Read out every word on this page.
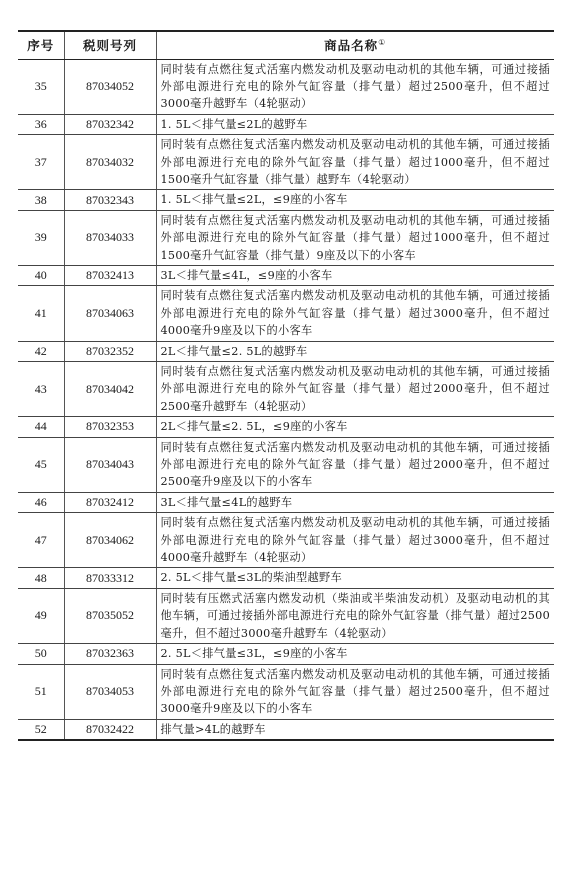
序号	税则号列	商品名称①
35	87034052	同时装有点燃往复式活塞内燃发动机及驱动电动机的其他车辆，可通过接插外部电源进行充电的除外气缸容量（排气量）超过2500毫升，但不超过3000毫升越野车（4轮驱动）
36	87032342	1. 5L＜排气量≤2L的越野车
37	87034032	同时装有点燃往复式活塞内燃发动机及驱动电动机的其他车辆，可通过接插外部电源进行充电的除外气缸容量（排气量）超过1000毫升，但不超过1500毫升气缸容量（排气量）越野车（4轮驱动）
38	87032343	1. 5L＜排气量≤2L，≤9座的小客车
39	87034033	同时装有点燃往复式活塞内燃发动机及驱动电动机的其他车辆，可通过接插外部电源进行充电的除外气缸容量（排气量）超过1000毫升，但不超过1500毫升气缸容量（排气量）9座及以下的小客车
40	87032413	3L＜排气量≤4L，≤9座的小客车
41	87034063	同时装有点燃往复式活塞内燃发动机及驱动电动机的其他车辆，可通过接插外部电源进行充电的除外气缸容量（排气量）超过3000毫升，但不超过4000毫升9座及以下的小客车
42	87032352	2L＜排气量≤2. 5L的越野车
43	87034042	同时装有点燃往复式活塞内燃发动机及驱动电动机的其他车辆，可通过接插外部电源进行充电的除外气缸容量（排气量）超过2000毫升，但不超过2500毫升越野车（4轮驱动）
44	87032353	2L＜排气量≤2. 5L，≤9座的小客车
45	87034043	同时装有点燃往复式活塞内燃发动机及驱动电动机的其他车辆，可通过接插外部电源进行充电的除外气缸容量（排气量）超过2000毫升，但不超过2500毫升9座及以下的小客车
46	87032412	3L＜排气量≤4L的越野车
47	87034062	同时装有点燃往复式活塞内燃发动机及驱动电动机的其他车辆，可通过接插外部电源进行充电的除外气缸容量（排气量）超过3000毫升，但不超过4000毫升越野车（4轮驱动）
48	87033312	2. 5L＜排气量≤3L的柴油型越野车
49	87035052	同时装有压燃式活塞内燃发动机（柴油或半柴油发动机）及驱动电动机的其他车辆，可通过接插外部电源进行充电的除外气缸容量（排气量）超过2500毫升，但不超过3000毫升越野车（4轮驱动）
50	87032363	2. 5L＜排气量≤3L，≤9座的小客车
51	87034053	同时装有点燃往复式活塞内燃发动机及驱动电动机的其他车辆，可通过接插外部电源进行充电的除外气缸容量（排气量）超过2500毫升，但不超过3000毫升9座及以下的小客车
52	87032422	排气量>4L的越野车
